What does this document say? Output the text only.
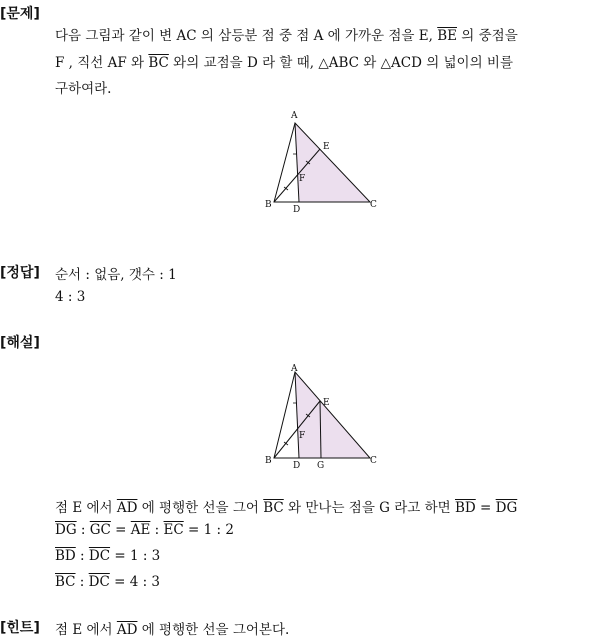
[문제]
다음 그림과 같이 변 AC 의 삼등분 점 중 점 A 에 가까운 점을 E, $\overline{BE}$ 의 중점을
F , 직선 AF 와 $\overline{BC}$ 와의 교점을 D 라 할 때, △ABC 와 △ACD 의 넓이의 비를
구하여라.
A
B	C
D
E
F
[정답] 순서 : 없음, 갯수 : 1
4 : 3
[해설]
A
B	C
D
E
F
G
점 E 에서 $\overline{AD}$ 에 평행한 선을 그어 $\overline{BC}$ 와 만나는 점을 G 라고 하면 $\overline{BD} = \overline{DG}$
$\overline{DG}$ : $\overline{GC} = \overline{AE}$ : $\overline{EC} = 1$ : 2
$\overline{BD}$ : $\overline{DC} = 1$ : 3
$\overline{BC}$ : $\overline{DC} = 4$ : 3
[힌트] 점 E 에서 $\overline{AD}$ 에 평행한 선을 그어본다.
